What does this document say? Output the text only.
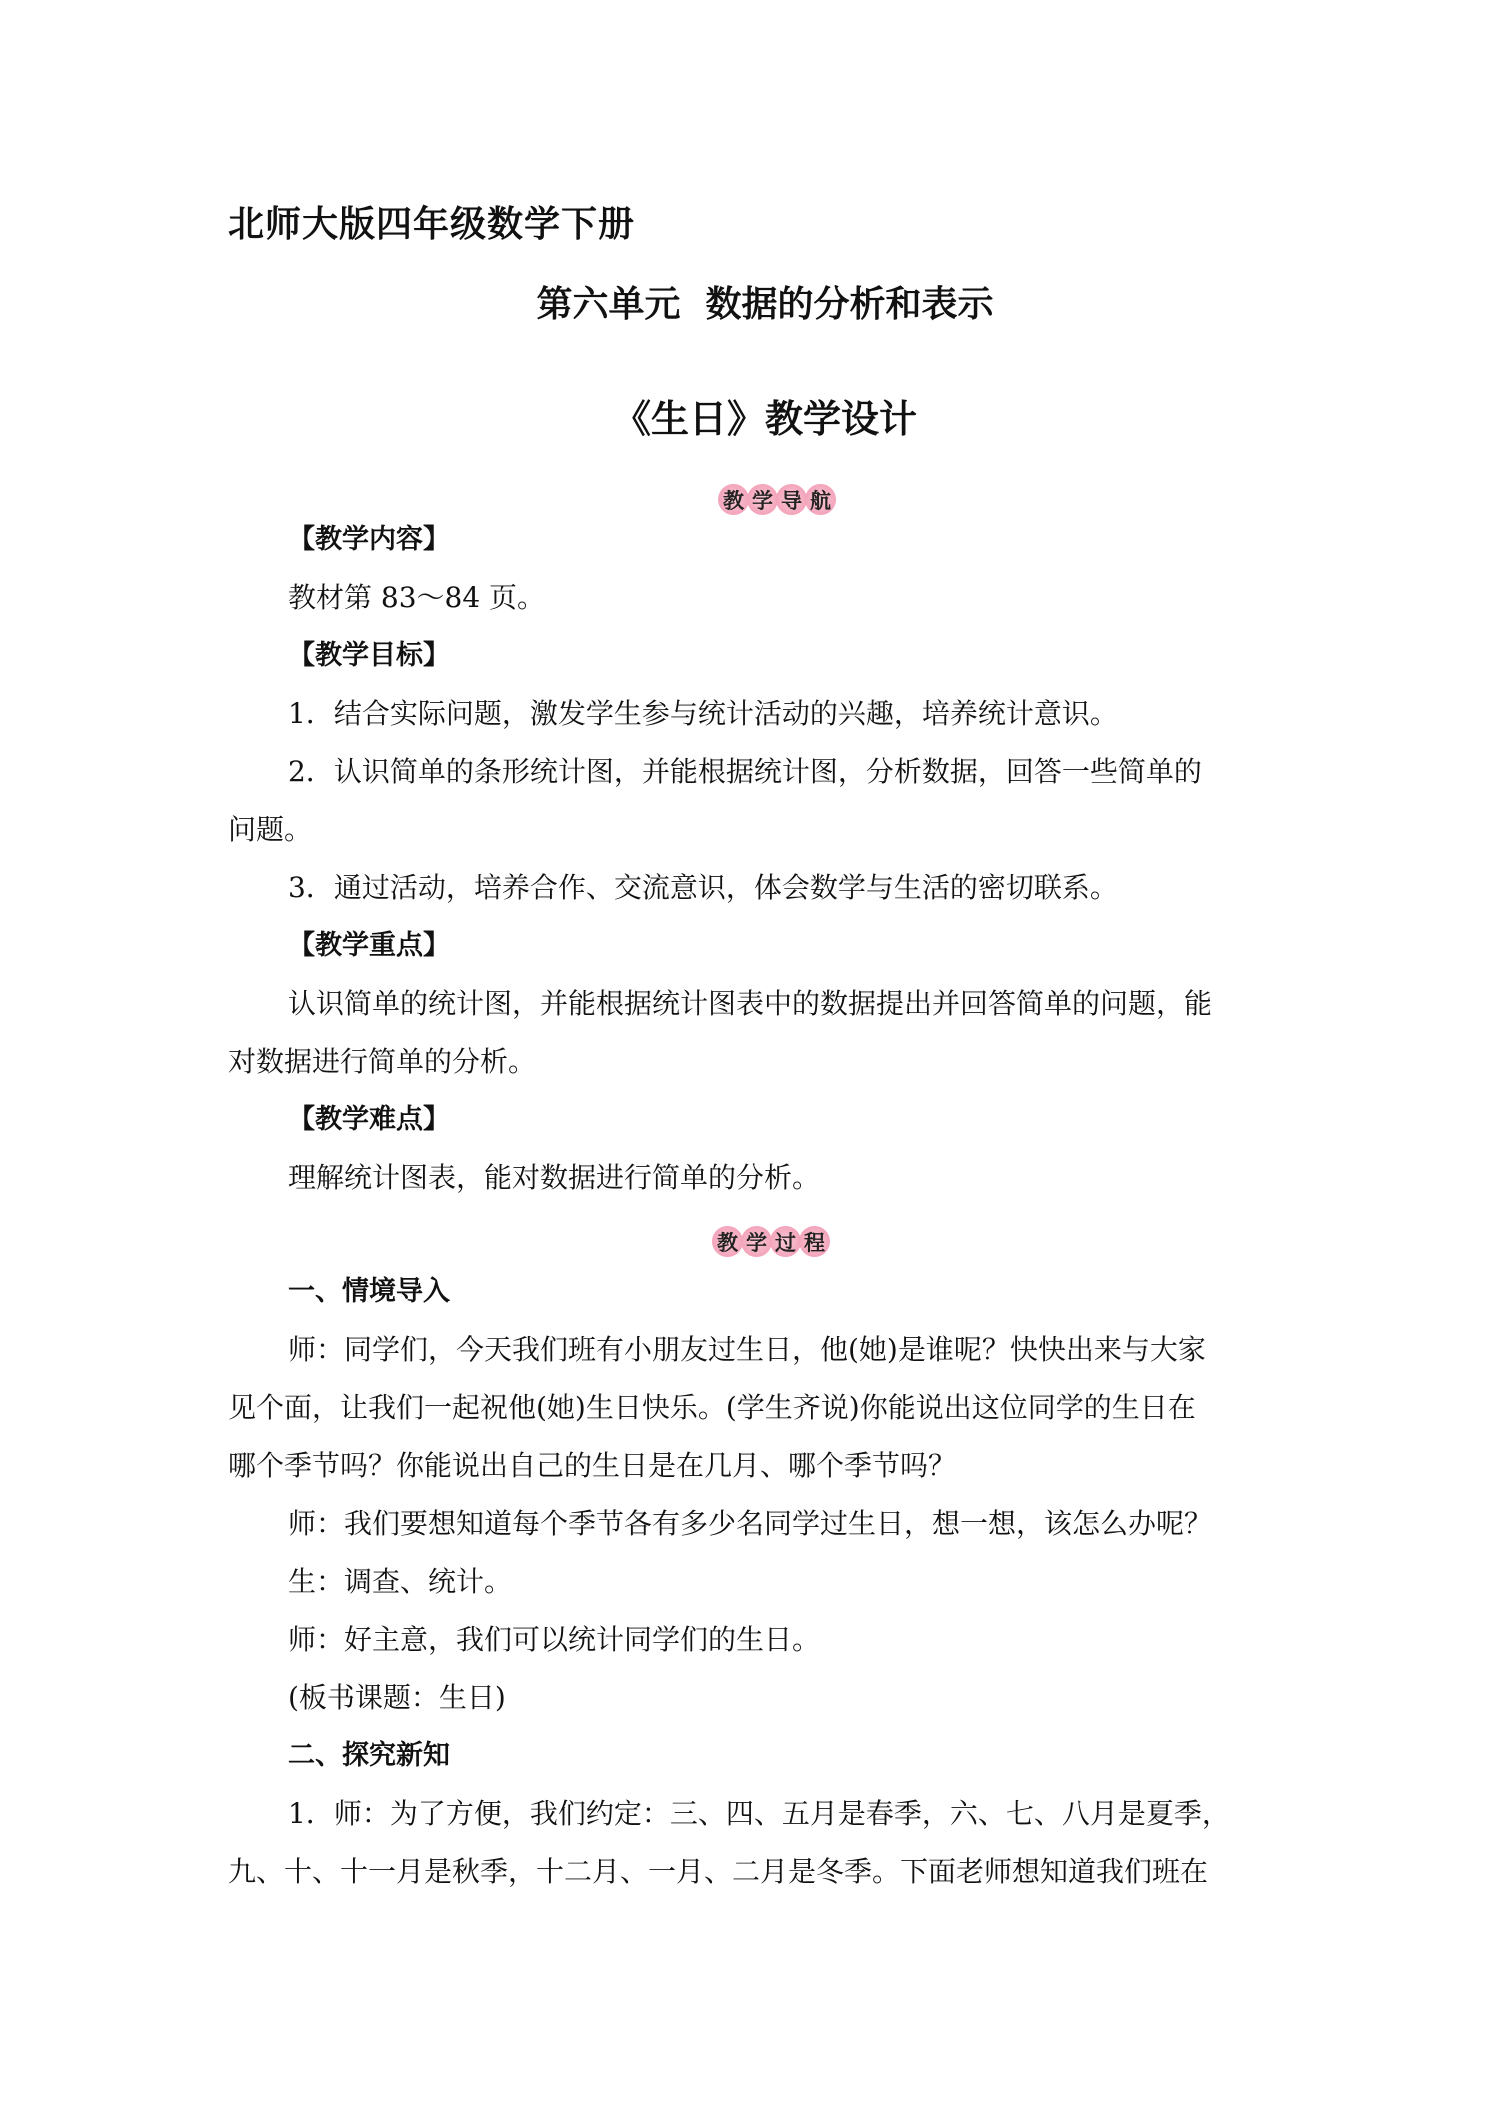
北师大版四年级数学下册
第六单元  数据的分析和表示
《生日》教学设计
教 学 导 航

【教学内容】

教材第 83～84 页。

【教学目标】

1．结合实际问题，激发学生参与统计活动的兴趣，培养统计意识。

2．认识简单的条形统计图，并能根据统计图，分析数据，回答一些简单的

问题。

3．通过活动，培养合作、交流意识，体会数学与生活的密切联系。

【教学重点】

认识简单的统计图，并能根据统计图表中的数据提出并回答简单的问题，能

对数据进行简单的分析。

【教学难点】

理解统计图表，能对数据进行简单的分析。

教 学 过 程

一、情境导入

师：同学们，今天我们班有小朋友过生日，他(她)是谁呢？快快出来与大家

见个面，让我们一起祝他(她)生日快乐。(学生齐说)你能说出这位同学的生日在

哪个季节吗？你能说出自己的生日是在几月、哪个季节吗？

师：我们要想知道每个季节各有多少名同学过生日，想一想，该怎么办呢？

生：调查、统计。

师：好主意，我们可以统计同学们的生日。

(板书课题：生日)

二、探究新知

1．师：为了方便，我们约定：三、四、五月是春季，六、七、八月是夏季，

九、十、十一月是秋季，十二月、一月、二月是冬季。下面老师想知道我们班在
